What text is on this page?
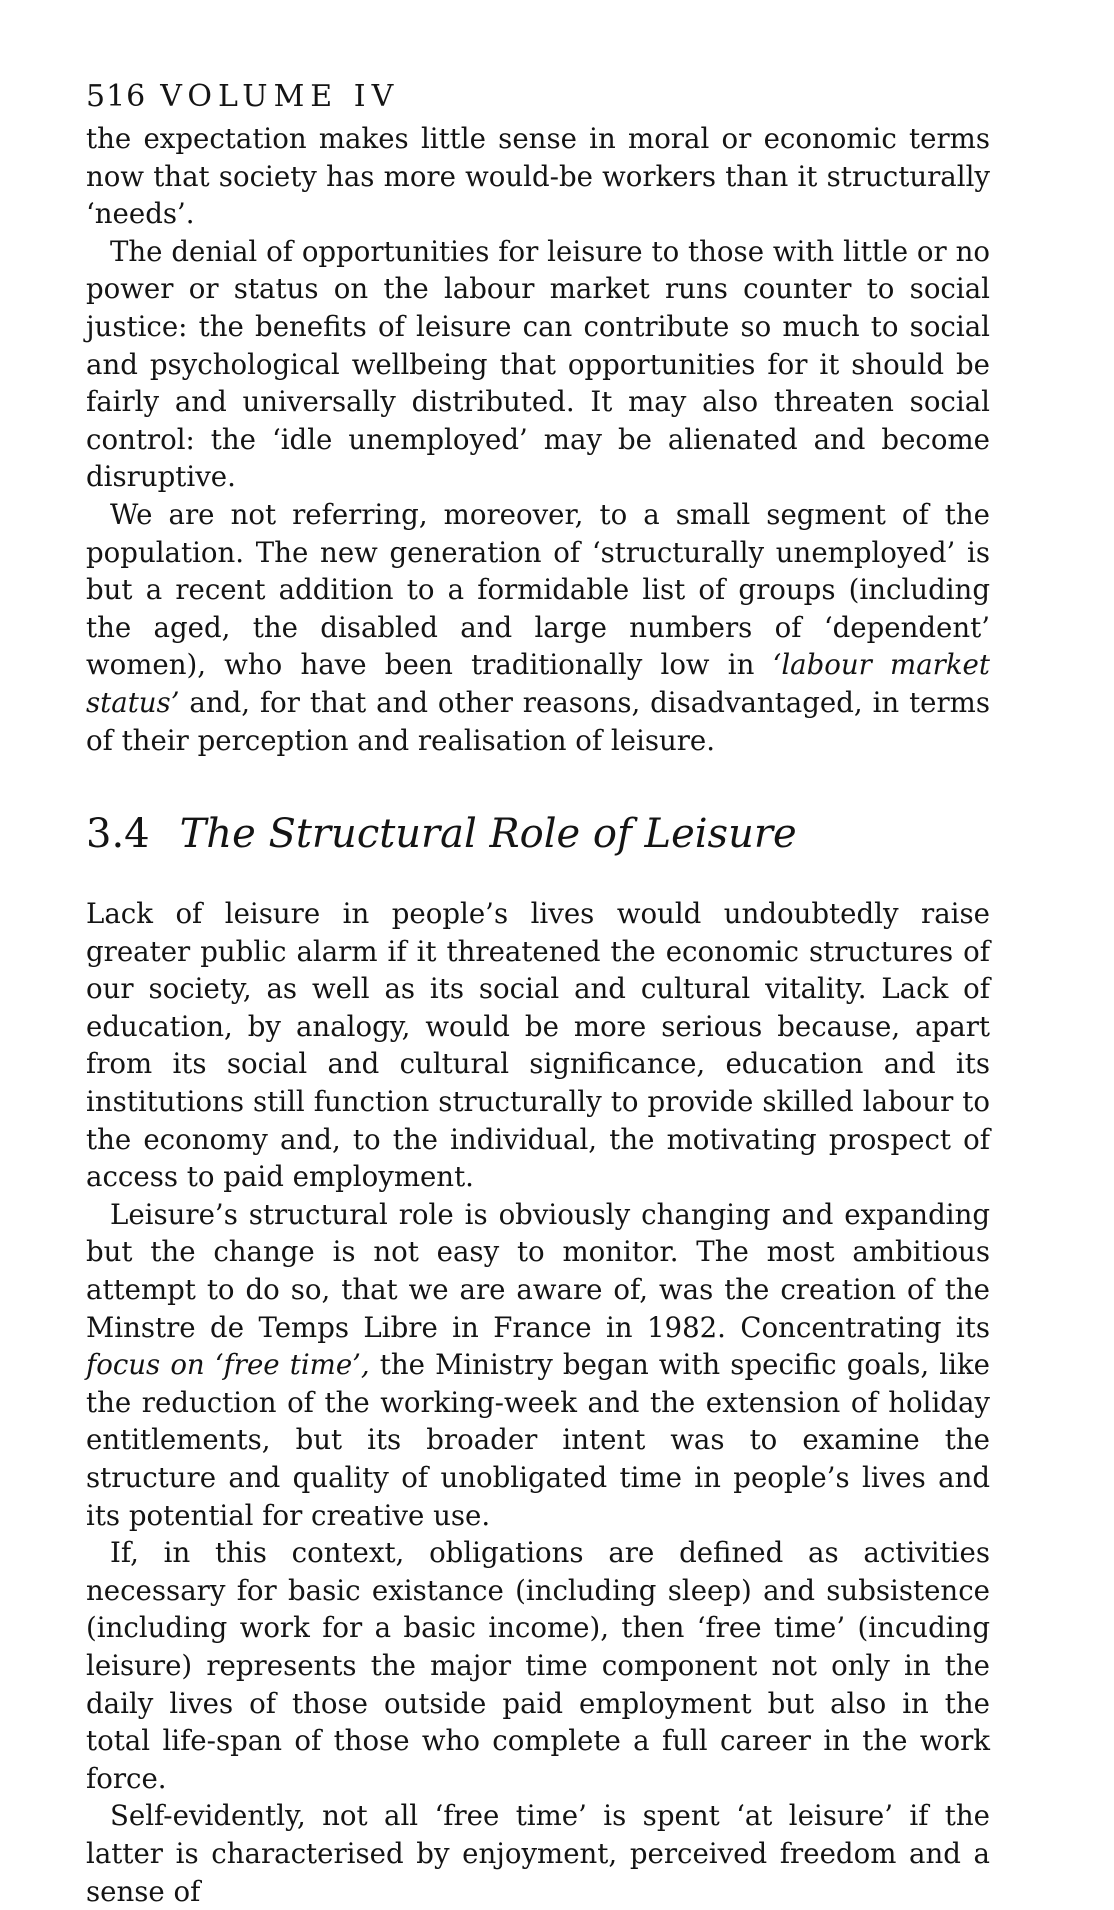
516 VOLUME IV

the expectation makes little sense in moral or economic terms now that society has more would-be workers than it structurally ‘needs’.

The denial of opportunities for leisure to those with little or no power or status on the labour market runs counter to social justice: the benefits of leisure can contribute so much to social and psychological wellbeing that opportunities for it should be fairly and universally distributed. It may also threaten social control: the ‘idle unemployed’ may be alienated and become disruptive.

We are not referring, moreover, to a small segment of the population. The new generation of ‘structurally unemployed’ is but a recent addition to a formidable list of groups (including the aged, the disabled and large numbers of ‘dependent’ women), who have been traditionally low in ‘labour market status’ and, for that and other reasons, disadvantaged, in terms of their perception and realisation of leisure.

3.4 The Structural Role of Leisure

Lack of leisure in people’s lives would undoubtedly raise greater public alarm if it threatened the economic structures of our society, as well as its social and cultural vitality. Lack of education, by analogy, would be more serious because, apart from its social and cultural significance, education and its institutions still function structurally to provide skilled labour to the economy and, to the individual, the motivating prospect of access to paid employment.

Leisure’s structural role is obviously changing and expanding but the change is not easy to monitor. The most ambitious attempt to do so, that we are aware of, was the creation of the Minstre de Temps Libre in France in 1982. Concentrating its focus on ‘free time’, the Ministry began with specific goals, like the reduction of the working-week and the extension of holiday entitlements, but its broader intent was to examine the structure and quality of unobligated time in people’s lives and its potential for creative use.

If, in this context, obligations are defined as activities necessary for basic existance (including sleep) and subsistence (including work for a basic income), then ‘free time’ (incuding leisure) represents the major time component not only in the daily lives of those outside paid employment but also in the total life-span of those who complete a full career in the work force.

Self-evidently, not all ‘free time’ is spent ‘at leisure’ if the latter is characterised by enjoyment, perceived freedom and a sense of
